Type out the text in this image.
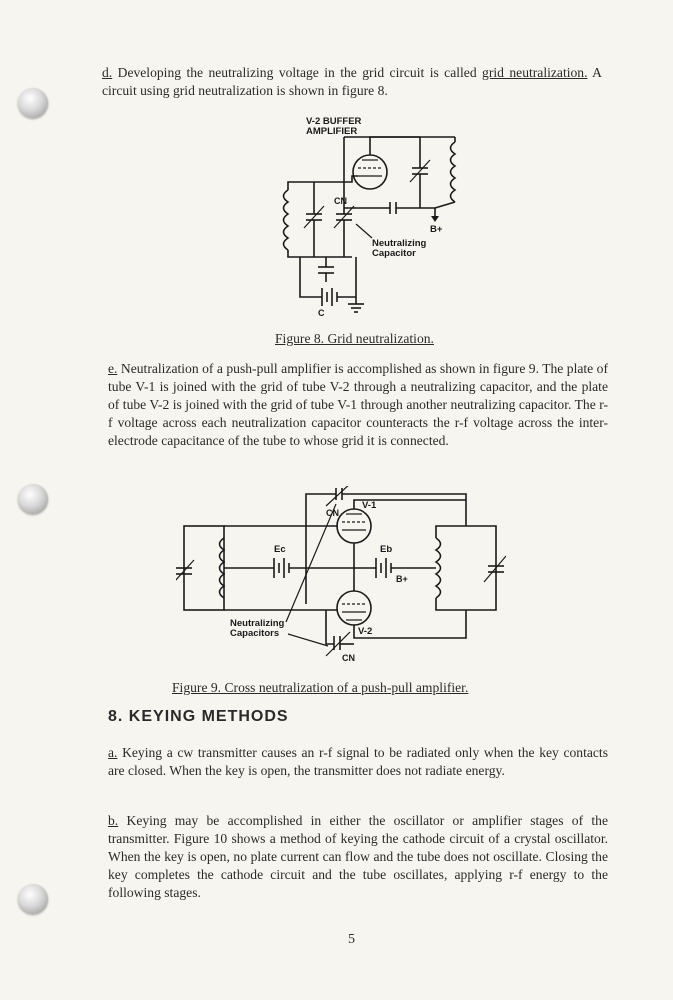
d. Developing the neutralizing voltage in the grid circuit is called grid neutralization. A circuit using grid neutralization is shown in figure 8.

V-2 BUFFER
AMPLIFIER
B+
CN
Neutralizing
Capacitor
C

Figure 8. Grid neutralization.

e. Neutralization of a push-pull amplifier is accomplished as shown in figure 9. The plate of tube V-1 is joined with the grid of tube V-2 through a neutralizing capacitor, and the plate of tube V-2 is joined with the grid of tube V-1 through another neutralizing capacitor. The r-f voltage across each neutralization capacitor counteracts the r-f voltage across the inter-electrode capacitance of the tube to whose grid it is connected.

CN
V-1
V-2
Ec	Eb
B+
CN
Neutralizing
Capacitors

Figure 9. Cross neutralization of a push-pull amplifier.

8. KEYING METHODS

a. Keying a cw transmitter causes an r-f signal to be radiated only when the key contacts are closed. When the key is open, the transmitter does not radiate energy.

b. Keying may be accomplished in either the oscillator or amplifier stages of the transmitter. Figure 10 shows a method of keying the cathode circuit of a crystal oscillator. When the key is open, no plate current can flow and the tube does not oscillate. Closing the key completes the cathode circuit and the tube oscillates, applying r-f energy to the following stages.

5
